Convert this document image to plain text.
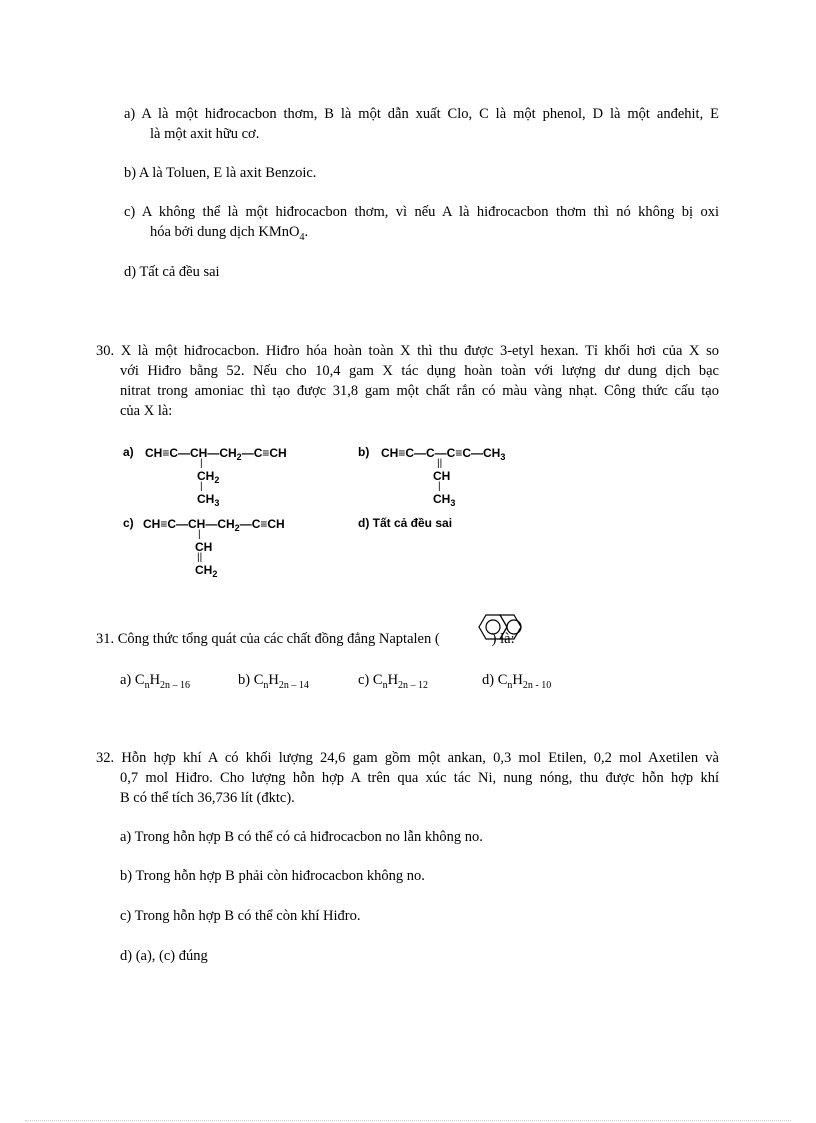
a) A là một hiđrocacbon thơm, B là một dẫn xuất Clo, C là một phenol, D là một anđehit, E
là một axit hữu cơ.
b) A là Toluen, E là axit Benzoic.
c) A không thể là một hiđrocacbon thơm, vì nếu A là hiđrocacbon thơm thì nó không bị oxi
hóa bởi dung dịch KMnO$_4$.
d) Tất cả đều sai
30. X là một hiđrocacbon. Hiđro hóa hoàn toàn X thì thu được 3-etyl hexan. Tỉ khối hơi của X so
với Hiđro bằng 52. Nếu cho 10,4 gam X tác dụng hoàn toàn với lượng dư dung dịch bạc
nitrat trong amoniac thì tạo được 31,8 gam một chất rắn có màu vàng nhạt. Công thức cấu tạo
của X là:
a) $CH\equiv C—CH—CH_2—C\equiv CH$
|
$CH_2$
|
$CH_3$
b) $CH\equiv C—C—C\equiv C—CH_3$
||
CH
|
$CH_3$
c) $CH\equiv C—CH—CH_2—C\equiv CH$
|
CH
||
$CH_2$
d) Tất cả đều sai
31. Công thức tổng quát của các chất đồng đẳng Naptalen (	) là:
a) $C_nH_{2n - 16}$	b) $C_nH_{2n - 14}$	c) $C_nH_{2n - 12}$	d) $C_nH_{2n - 10}$
32. Hỗn hợp khí A có khối lượng 24,6 gam gồm một ankan, 0,3 mol Etilen, 0,2 mol Axetilen và
0,7 mol Hiđro. Cho lượng hỗn hợp A trên qua xúc tác Ni, nung nóng, thu được hỗn hợp khí
B có thể tích 36,736 lít (đktc).
a) Trong hỗn hợp B có thể có cả hiđrocacbon no lẫn không no.
b) Trong hỗn hợp B phải còn hiđrocacbon không no.
c) Trong hỗn hợp B có thể còn khí Hiđro.
d) (a), (c) đúng
